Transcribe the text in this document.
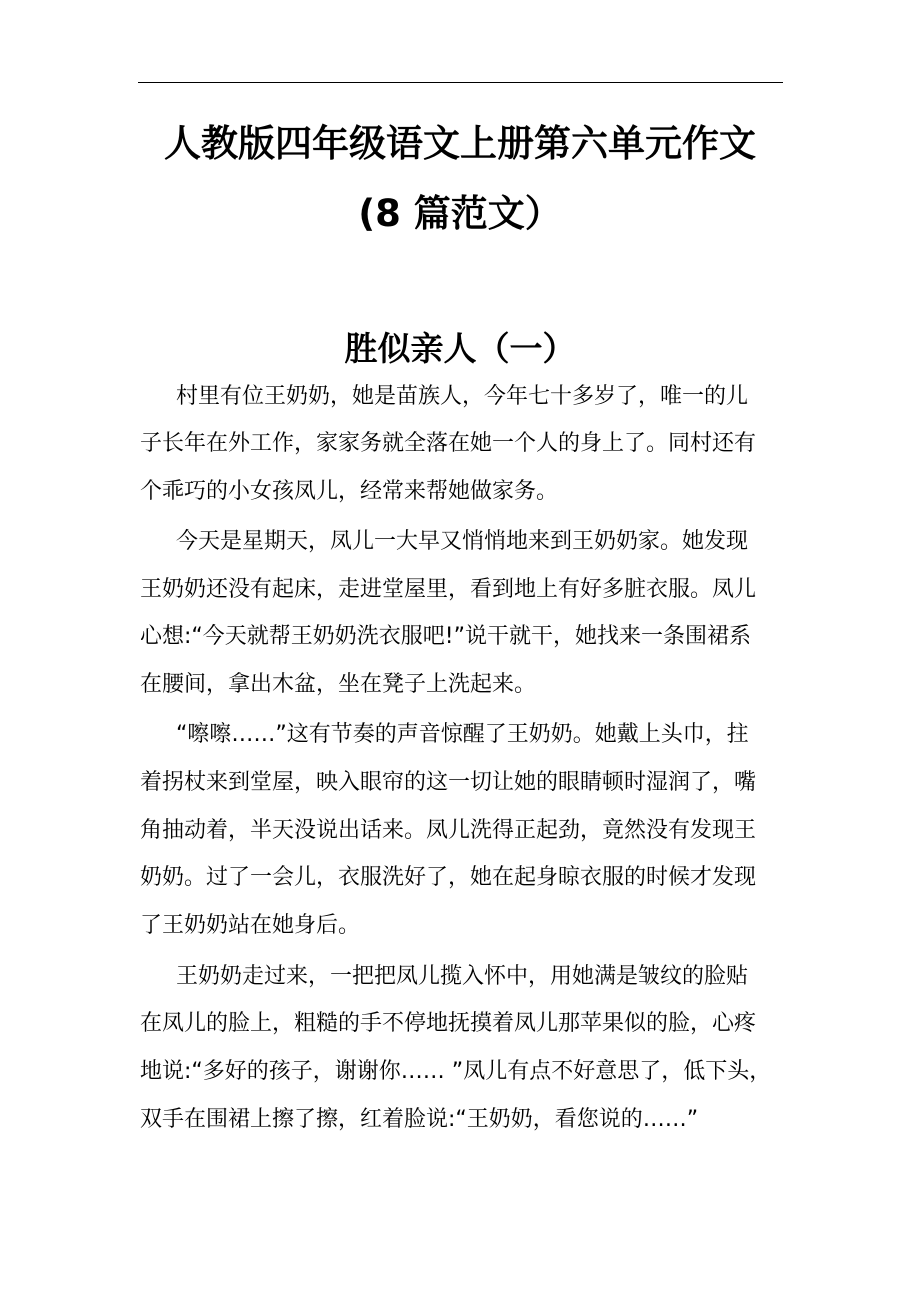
人教版四年级语文上册第六单元作文
(8 篇范文）
胜似亲人（一）
村里有位王奶奶，她是苗族人，今年七十多岁了，唯一的儿
子长年在外工作，家家务就全落在她一个人的身上了。同村还有
个乖巧的小女孩凤儿，经常来帮她做家务。
今天是星期天，凤儿一大早又悄悄地来到王奶奶家。她发现
王奶奶还没有起床，走进堂屋里，看到地上有好多脏衣服。凤儿
心想:“今天就帮王奶奶洗衣服吧!”说干就干，她找来一条围裙系
在腰间，拿出木盆，坐在凳子上洗起来。
“嚓嚓……”这有节奏的声音惊醒了王奶奶。她戴上头巾，拄
着拐杖来到堂屋，映入眼帘的这一切让她的眼睛顿时湿润了，嘴
角抽动着，半天没说出话来。凤儿洗得正起劲，竟然没有发现王
奶奶。过了一会儿，衣服洗好了，她在起身晾衣服的时候才发现
了王奶奶站在她身后。
王奶奶走过来，一把把凤儿揽入怀中，用她满是皱纹的脸贴
在凤儿的脸上，粗糙的手不停地抚摸着凤儿那苹果似的脸，心疼
地说:“多好的孩子，谢谢你…… ”凤儿有点不好意思了，低下头，
双手在围裙上擦了擦，红着脸说:“王奶奶，看您说的……”
